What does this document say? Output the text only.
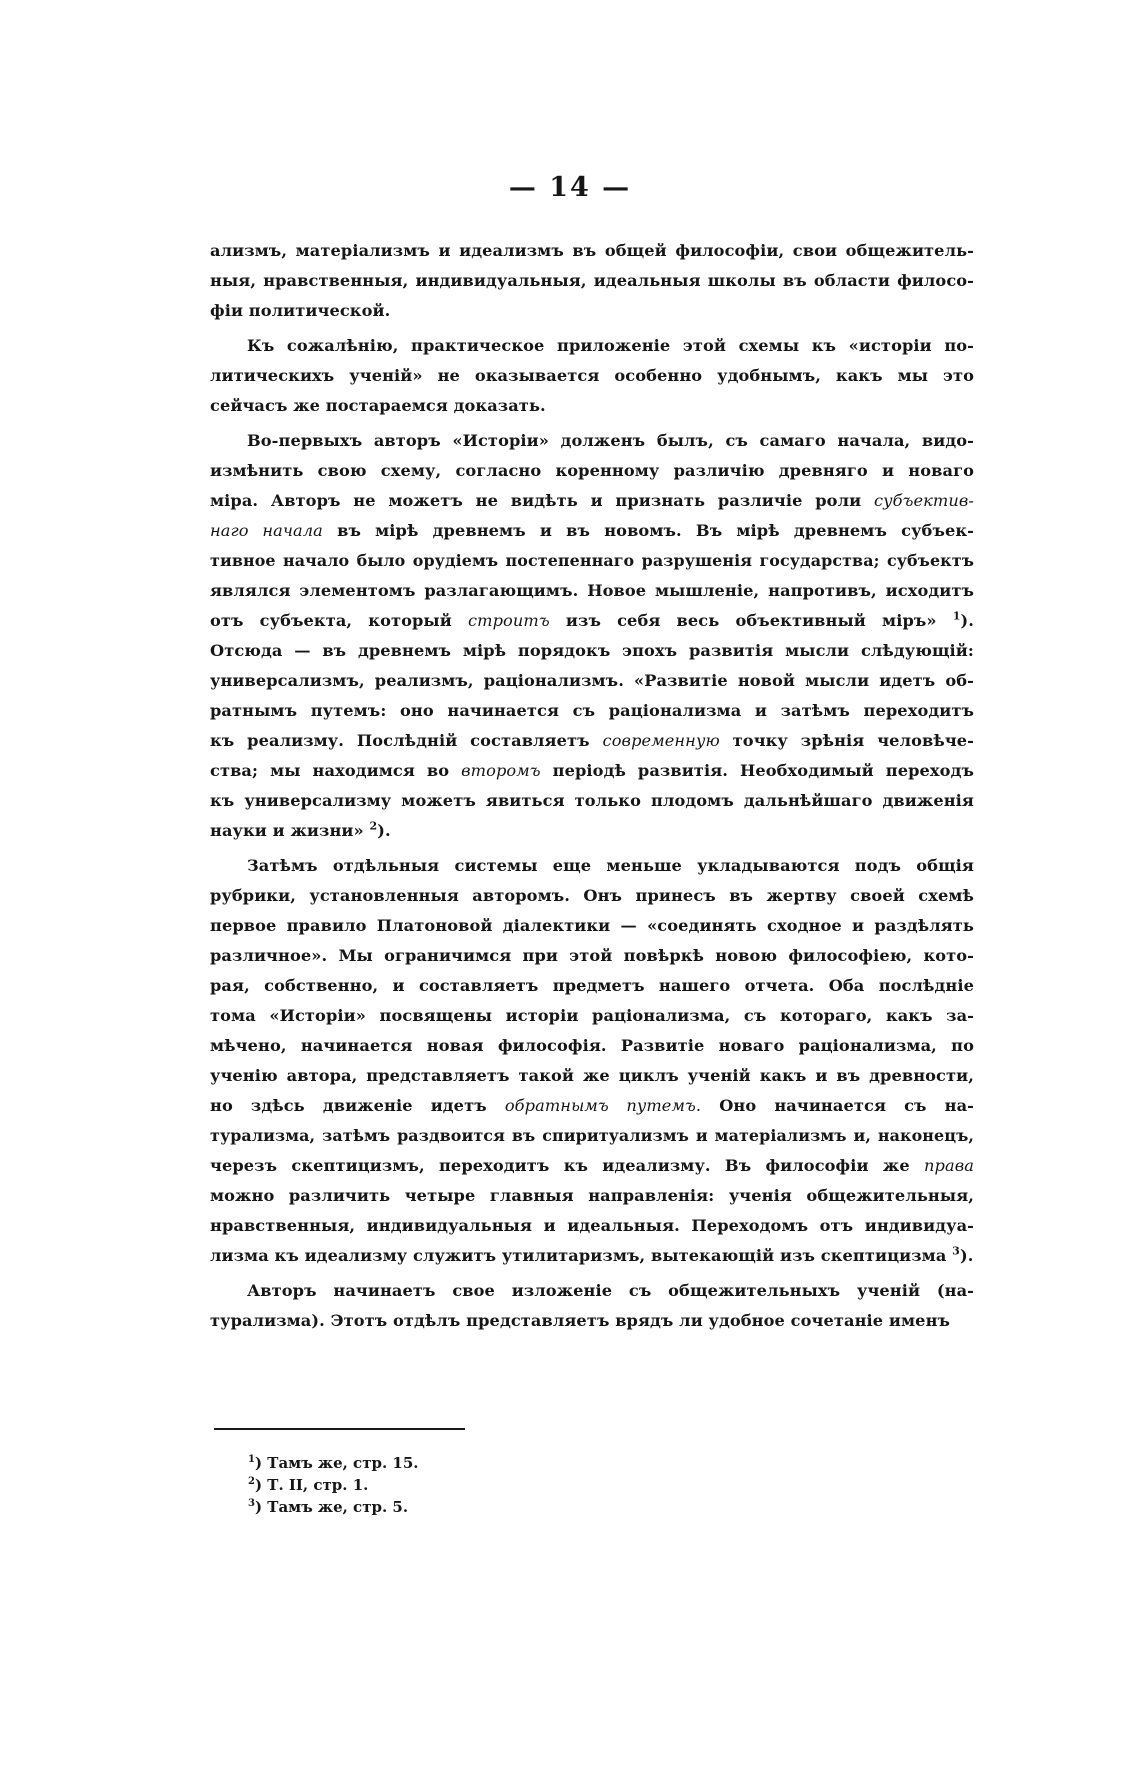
— 14 —
ализмъ, матеріализмъ и идеализмъ въ общей философіи, свои общежитель-
ныя, нравственныя, индивидуальныя, идеальныя школы въ области филосо-
фіи политической.
Къ сожалѣнію, практическое приложеніе этой схемы къ «исторіи по-
литическихъ ученій» не оказывается особенно удобнымъ, какъ мы это
сейчасъ же постараемся доказать.
Во-первыхъ авторъ «Исторіи» долженъ былъ, съ самаго начала, видо-
измѣнить свою схему, согласно коренному различію древняго и новаго
міра. Авторъ не можетъ не видѣть и признать различіе роли субъектив-
наго начала въ мірѣ древнемъ и въ новомъ. Въ мірѣ древнемъ субъек-
тивное начало было орудіемъ постепеннаго разрушенія государства; субъектъ
являлся элементомъ разлагающимъ. Новое мышленіе, напротивъ, исходитъ
отъ субъекта, который строитъ изъ себя весь объективный міръ» $^1$).
Отсюда — въ древнемъ мірѣ порядокъ эпохъ развитія мысли слѣдующій:
универсализмъ, реализмъ, раціонализмъ. «Развитіе новой мысли идетъ об-
ратнымъ путемъ: оно начинается съ раціонализма и затѣмъ переходитъ
къ реализму. Послѣдній составляетъ современную точку зрѣнія человѣче-
ства; мы находимся во второмъ періодѣ развитія. Необходимый переходъ
къ универсализму можетъ явиться только плодомъ дальнѣйшаго движенія
науки и жизни» $^2$).
Затѣмъ отдѣльныя системы еще меньше укладываются подъ общія
рубрики, установленныя авторомъ. Онъ принесъ въ жертву своей схемѣ
первое правило Платоновой діалектики — «соединять сходное и раздѣлять
различное». Мы ограничимся при этой повѣркѣ новою философіею, кото-
рая, собственно, и составляетъ предметъ нашего отчета. Оба послѣдніе
тома «Исторіи» посвящены исторіи раціонализма, съ котораго, какъ за-
мѣчено, начинается новая философія. Развитіе новаго раціонализма, по
ученію автора, представляетъ такой же циклъ ученій какъ и въ древности,
но здѣсь движеніе идетъ обратнымъ путемъ. Оно начинается съ на-
турализма, затѣмъ раздвоится въ спиритуализмъ и матеріализмъ и, наконецъ,
черезъ скептицизмъ, переходитъ къ идеализму. Въ философіи же права
можно различить четыре главныя направленія: ученія общежительныя,
нравственныя, индивидуальныя и идеальныя. Переходомъ отъ индивидуа-
лизма къ идеализму служитъ утилитаризмъ, вытекающій изъ скептицизма $^3$).
Авторъ начинаетъ свое изложеніе съ общежительныхъ ученій (на-
турализма). Этотъ отдѣлъ представляетъ врядъ ли удобное сочетаніе именъ
$^1$) Тамъ же, стр. 15.
$^2$) Т. II, стр. 1.
$^3$) Тамъ же, стр. 5.
